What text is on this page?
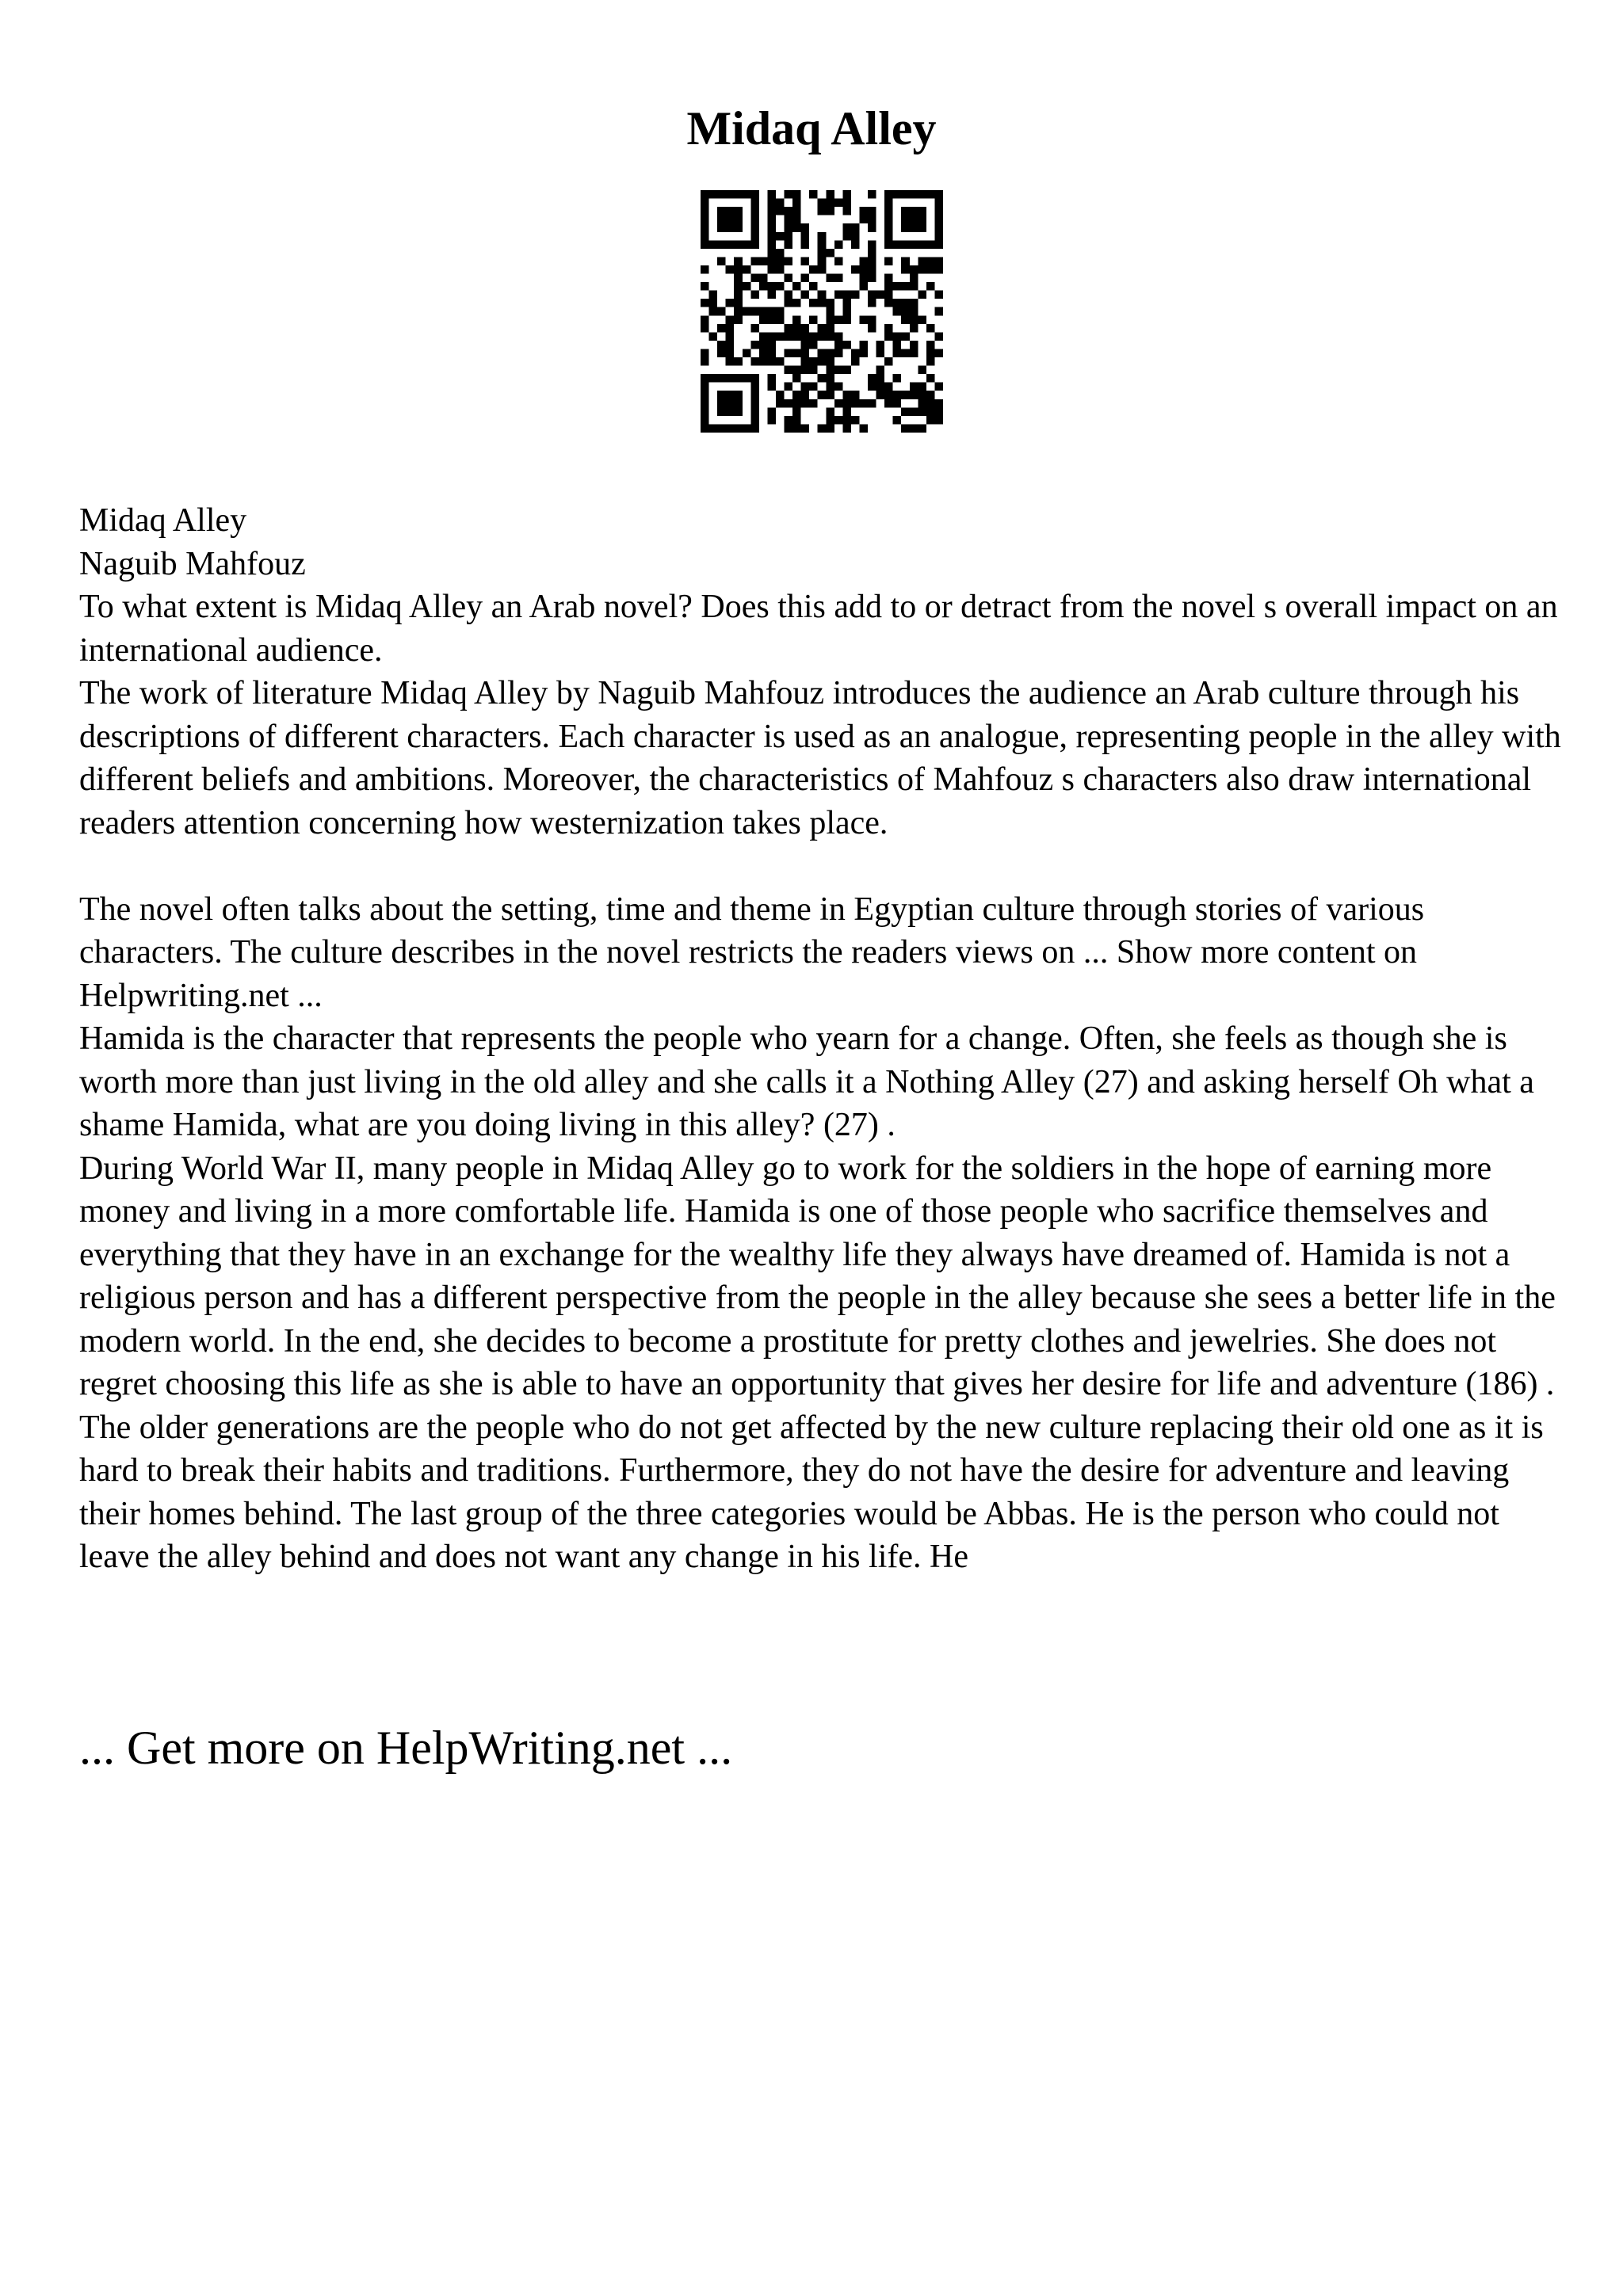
Midaq Alley

Midaq Alley

Naguib Mahfouz

To what extent is Midaq Alley an Arab novel? Does this add to or detract from the novel s overall impact on an international audience.

The work of literature Midaq Alley by Naguib Mahfouz introduces the audience an Arab culture through his descriptions of different characters. Each character is used as an analogue, representing people in the alley with different beliefs and ambitions. Moreover, the characteristics of Mahfouz s characters also draw international readers attention concerning how westernization takes place.

The novel often talks about the setting, time and theme in Egyptian culture through stories of various characters. The culture describes in the novel restricts the readers views on ... Show more content on Helpwriting.net ...

Hamida is the character that represents the people who yearn for a change. Often, she feels as though she is worth more than just living in the old alley and she calls it a Nothing Alley (27) and asking herself Oh what a shame Hamida, what are you doing living in this alley? (27) .

During World War II, many people in Midaq Alley go to work for the soldiers in the hope of earning more money and living in a more comfortable life. Hamida is one of those people who sacrifice themselves and everything that they have in an exchange for the wealthy life they always have dreamed of. Hamida is not a religious person and has a different perspective from the people in the alley because she sees a better life in the modern world. In the end, she decides to become a prostitute for pretty clothes and jewelries. She does not regret choosing this life as she is able to have an opportunity that gives her desire for life and adventure (186) .

The older generations are the people who do not get affected by the new culture replacing their old one as it is hard to break their habits and traditions. Furthermore, they do not have the desire for adventure and leaving their homes behind. The last group of the three categories would be Abbas. He is the person who could not leave the alley behind and does not want any change in his life. He

... Get more on HelpWriting.net ...
